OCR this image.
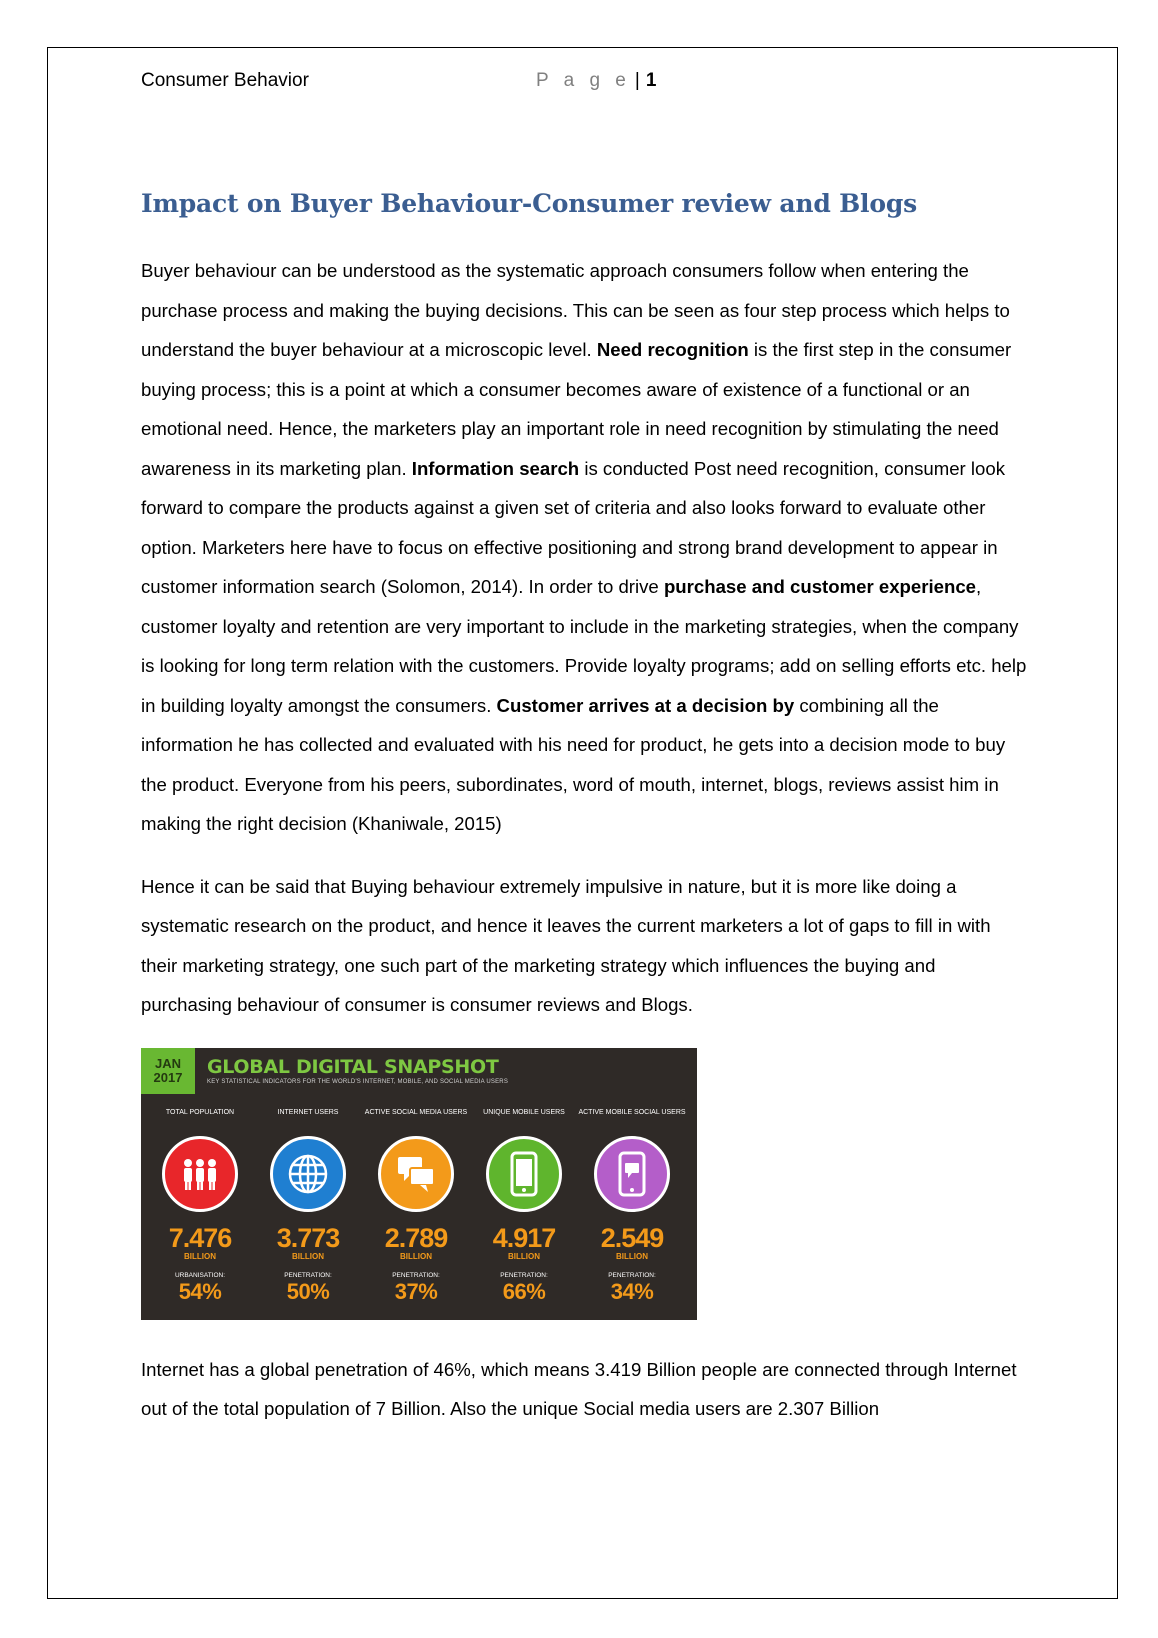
Consumer Behavior	P a g e | 1
Impact on Buyer Behaviour-Consumer review and Blogs

Buyer behaviour can be understood as the systematic approach consumers follow when entering the purchase process and making the buying decisions. This can be seen as four step process which helps to understand the buyer behaviour at a microscopic level. Need recognition is the first step in the consumer buying process; this is a point at which a consumer becomes aware of existence of a functional or an emotional need. Hence, the marketers play an important role in need recognition by stimulating the need awareness in its marketing plan. Information search is conducted Post need recognition, consumer look forward to compare the products against a given set of criteria and also looks forward to evaluate other option. Marketers here have to focus on effective positioning and strong brand development to appear in customer information search (Solomon, 2014). In order to drive purchase and customer experience, customer loyalty and retention are very important to include in the marketing strategies, when the company is looking for long term relation with the customers. Provide loyalty programs; add on selling efforts etc. help in building loyalty amongst the consumers. Customer arrives at a decision by combining all the information he has collected and evaluated with his need for product, he gets into a decision mode to buy the product. Everyone from his peers, subordinates, word of mouth, internet, blogs, reviews assist him in making the right decision (Khaniwale, 2015)

Hence it can be said that Buying behaviour extremely impulsive in nature, but it is more like doing a systematic research on the product, and hence it leaves the current marketers a lot of gaps to fill in with their marketing strategy, one such part of the marketing strategy which influences the buying and purchasing behaviour of consumer is consumer reviews and Blogs.

JAN
2017	GLOBAL DIGITAL SNAPSHOT
KEY STATISTICAL INDICATORS FOR THE WORLD'S INTERNET, MOBILE, AND SOCIAL MEDIA USERS
TOTAL POPULATION
7.476
BILLION
URBANISATION:
54%
INTERNET USERS
3.773
BILLION
PENETRATION:
50%
ACTIVE SOCIAL MEDIA USERS
2.789
BILLION
PENETRATION:
37%
UNIQUE MOBILE USERS
4.917
BILLION
PENETRATION:
66%
ACTIVE MOBILE SOCIAL USERS
2.549
BILLION
PENETRATION:
34%

Internet has a global penetration of 46%, which means 3.419 Billion people are connected through Internet out of the total population of 7 Billion. Also the unique Social media users are 2.307 Billion
